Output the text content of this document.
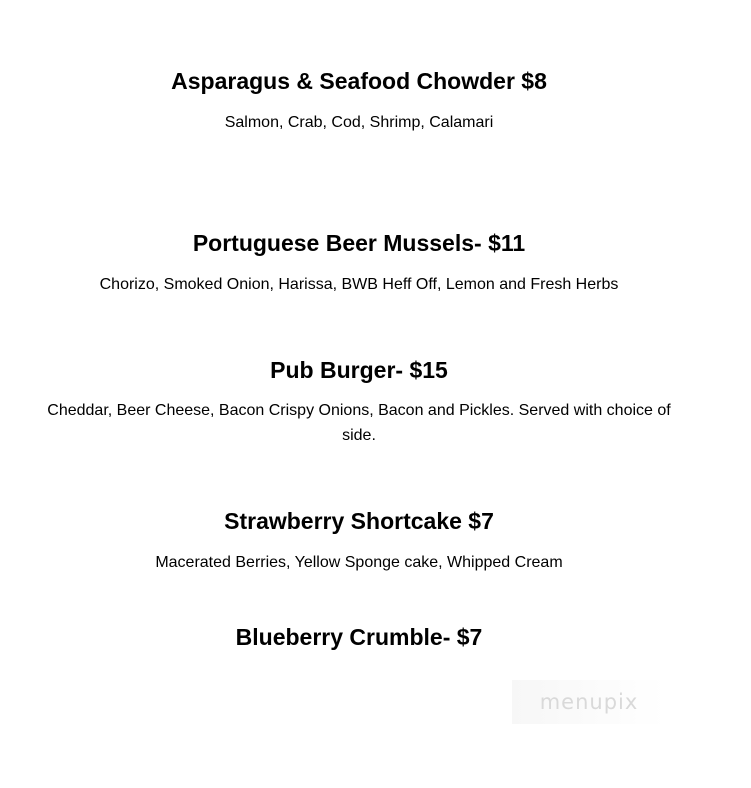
Asparagus & Seafood Chowder $8

Salmon, Crab, Cod, Shrimp, Calamari

Portuguese Beer Mussels- $11

Chorizo, Smoked Onion, Harissa, BWB Heff Off, Lemon and Fresh Herbs

Pub Burger- $15

Cheddar, Beer Cheese, Bacon Crispy Onions, Bacon and Pickles. Served with choice of side.

Strawberry Shortcake $7

Macerated Berries, Yellow Sponge cake, Whipped Cream

Blueberry Crumble- $7
menupix
